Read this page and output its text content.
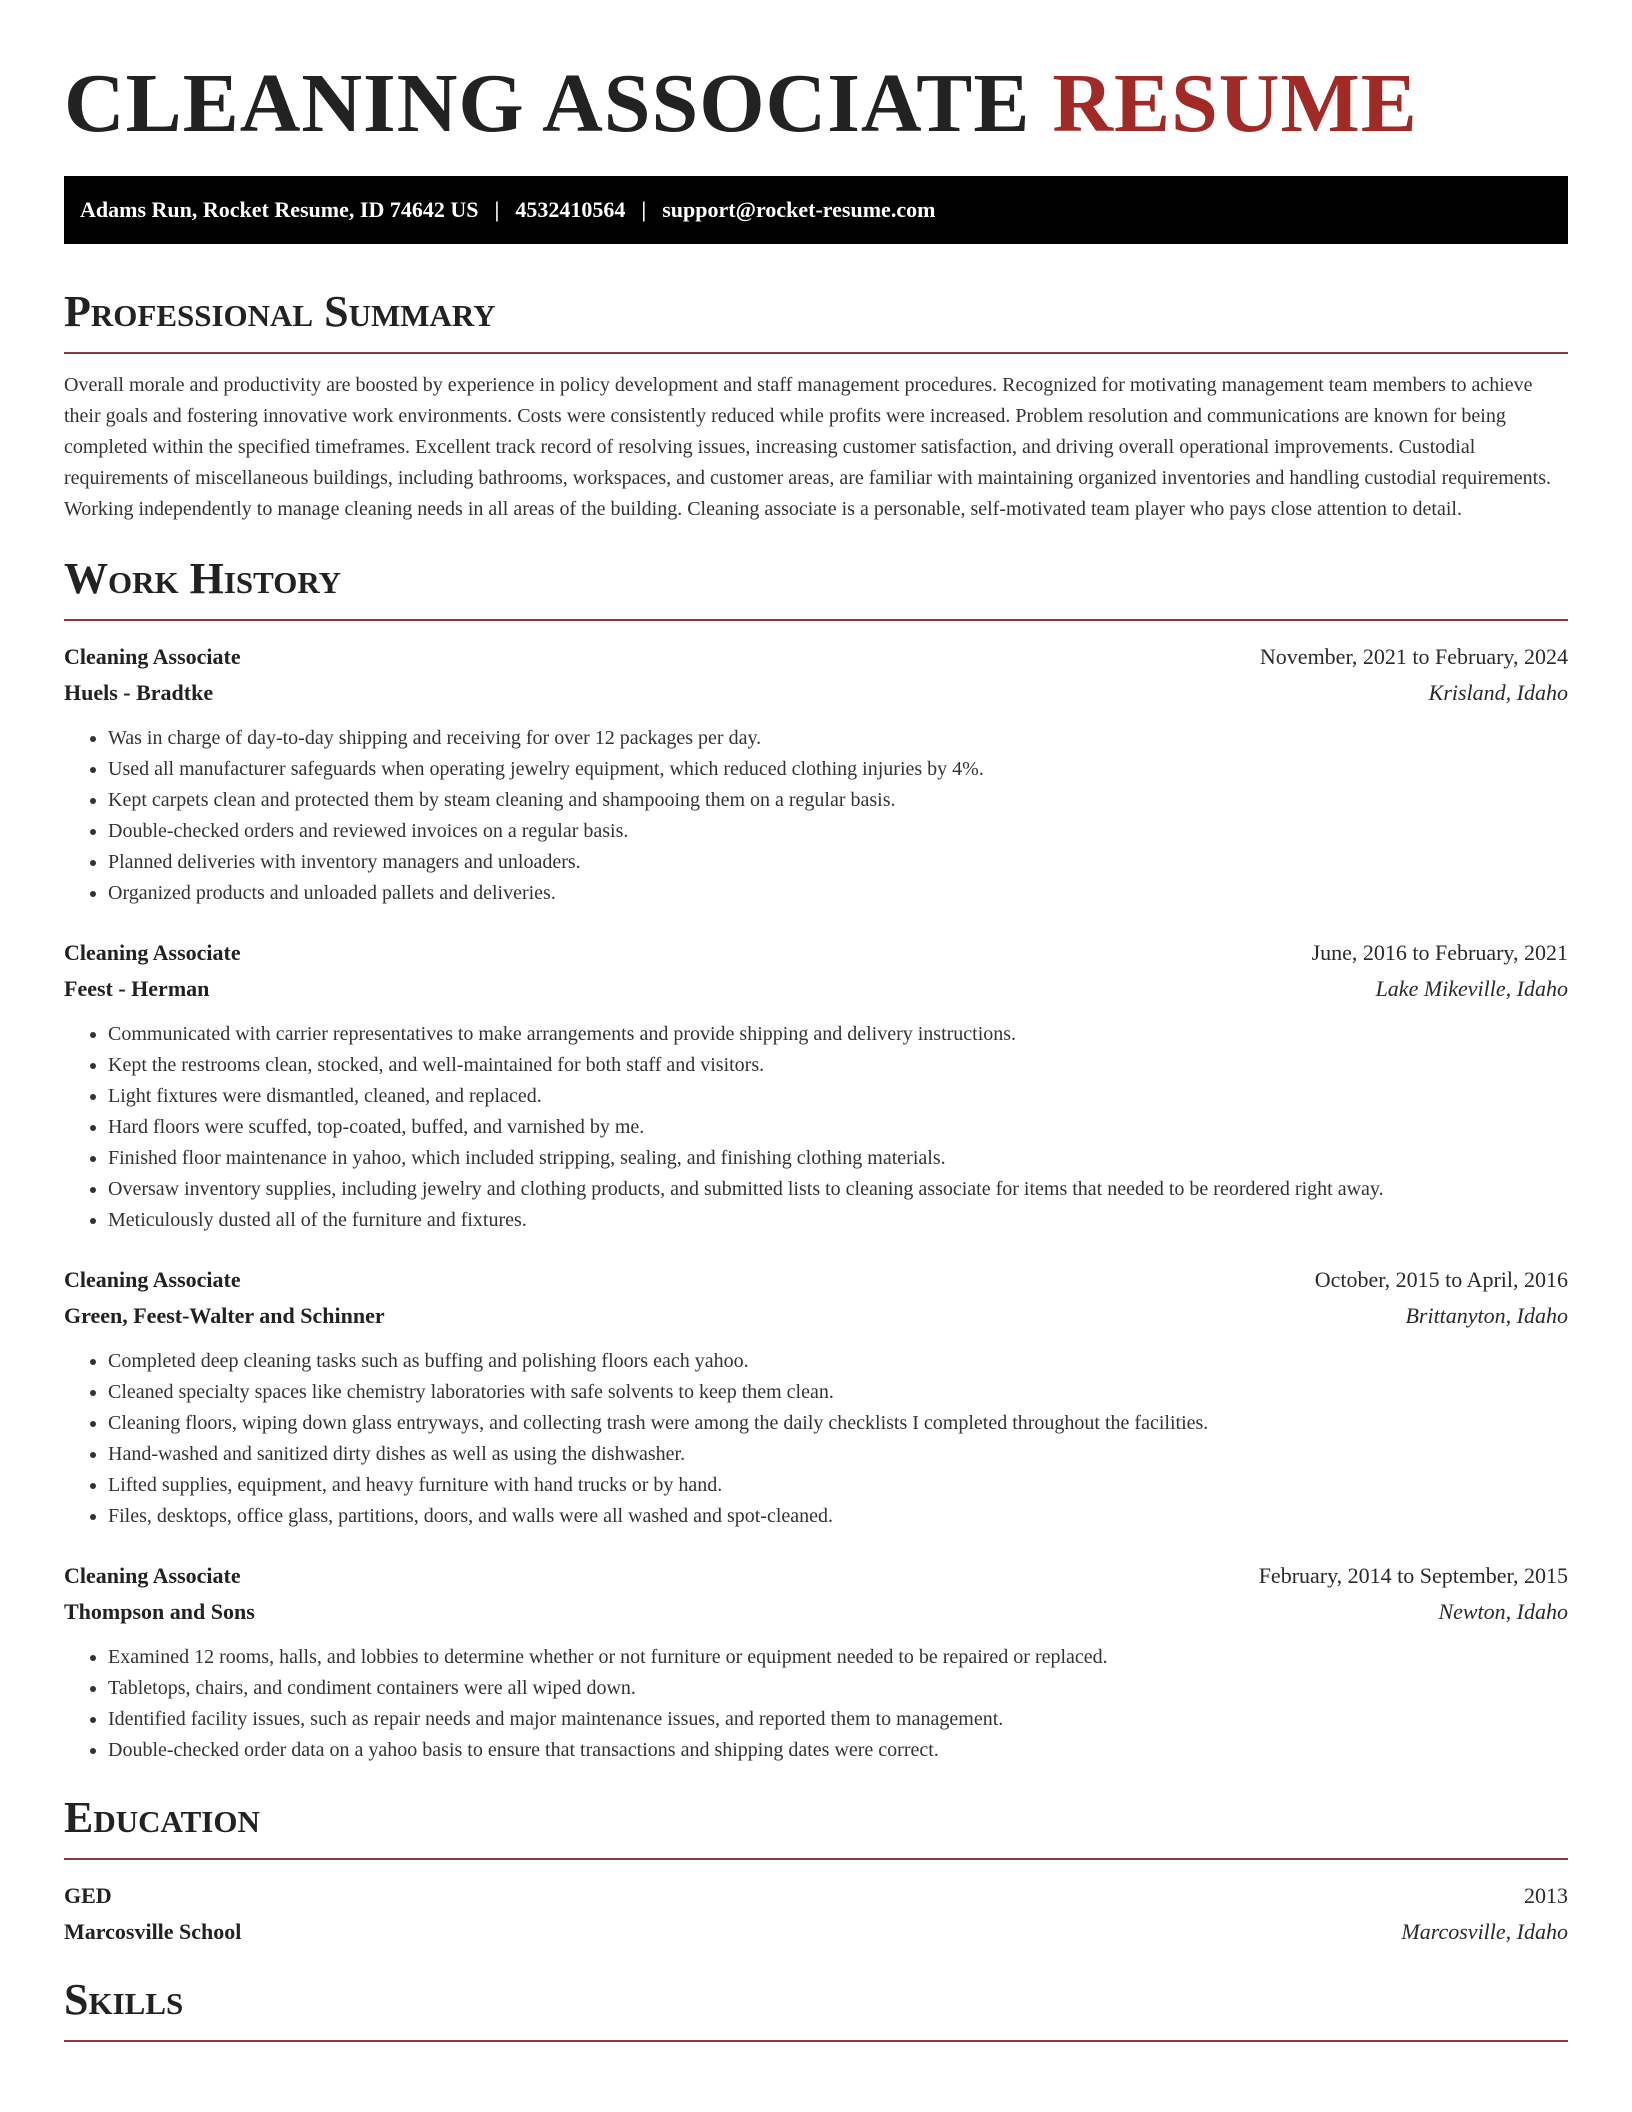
CLEANING ASSOCIATE RESUME
Adams Run, Rocket Resume, ID 74642 US | 4532410564 | support@rocket-resume.com
Professional Summary

Overall morale and productivity are boosted by experience in policy development and staff management procedures. Recognized for motivating management team members to achieve their goals and fostering innovative work environments. Costs were consistently reduced while profits were increased. Problem resolution and communications are known for being completed within the specified timeframes. Excellent track record of resolving issues, increasing customer satisfaction, and driving overall operational improvements. Custodial requirements of miscellaneous buildings, including bathrooms, workspaces, and customer areas, are familiar with maintaining organized inventories and handling custodial requirements. Working independently to manage cleaning needs in all areas of the building. Cleaning associate is a personable, self-motivated team player who pays close attention to detail.

Work History
Cleaning Associate	November, 2021 to February, 2024
Huels - Bradtke	Krisland, Idaho
• Was in charge of day-to-day shipping and receiving for over 12 packages per day.
• Used all manufacturer safeguards when operating jewelry equipment, which reduced clothing injuries by 4%.
• Kept carpets clean and protected them by steam cleaning and shampooing them on a regular basis.
• Double-checked orders and reviewed invoices on a regular basis.
• Planned deliveries with inventory managers and unloaders.
• Organized products and unloaded pallets and deliveries.
Cleaning Associate	June, 2016 to February, 2021
Feest - Herman	Lake Mikeville, Idaho
• Communicated with carrier representatives to make arrangements and provide shipping and delivery instructions.
• Kept the restrooms clean, stocked, and well-maintained for both staff and visitors.
• Light fixtures were dismantled, cleaned, and replaced.
• Hard floors were scuffed, top-coated, buffed, and varnished by me.
• Finished floor maintenance in yahoo, which included stripping, sealing, and finishing clothing materials.
• Oversaw inventory supplies, including jewelry and clothing products, and submitted lists to cleaning associate for items that needed to be reordered right away.
• Meticulously dusted all of the furniture and fixtures.
Cleaning Associate	October, 2015 to April, 2016
Green, Feest-Walter and Schinner	Brittanyton, Idaho
• Completed deep cleaning tasks such as buffing and polishing floors each yahoo.
• Cleaned specialty spaces like chemistry laboratories with safe solvents to keep them clean.
• Cleaning floors, wiping down glass entryways, and collecting trash were among the daily checklists I completed throughout the facilities.
• Hand-washed and sanitized dirty dishes as well as using the dishwasher.
• Lifted supplies, equipment, and heavy furniture with hand trucks or by hand.
• Files, desktops, office glass, partitions, doors, and walls were all washed and spot-cleaned.
Cleaning Associate	February, 2014 to September, 2015
Thompson and Sons	Newton, Idaho
• Examined 12 rooms, halls, and lobbies to determine whether or not furniture or equipment needed to be repaired or replaced.
• Tabletops, chairs, and condiment containers were all wiped down.
• Identified facility issues, such as repair needs and major maintenance issues, and reported them to management.
• Double-checked order data on a yahoo basis to ensure that transactions and shipping dates were correct.
Education
GED	2013
Marcosville School	Marcosville, Idaho
Skills
